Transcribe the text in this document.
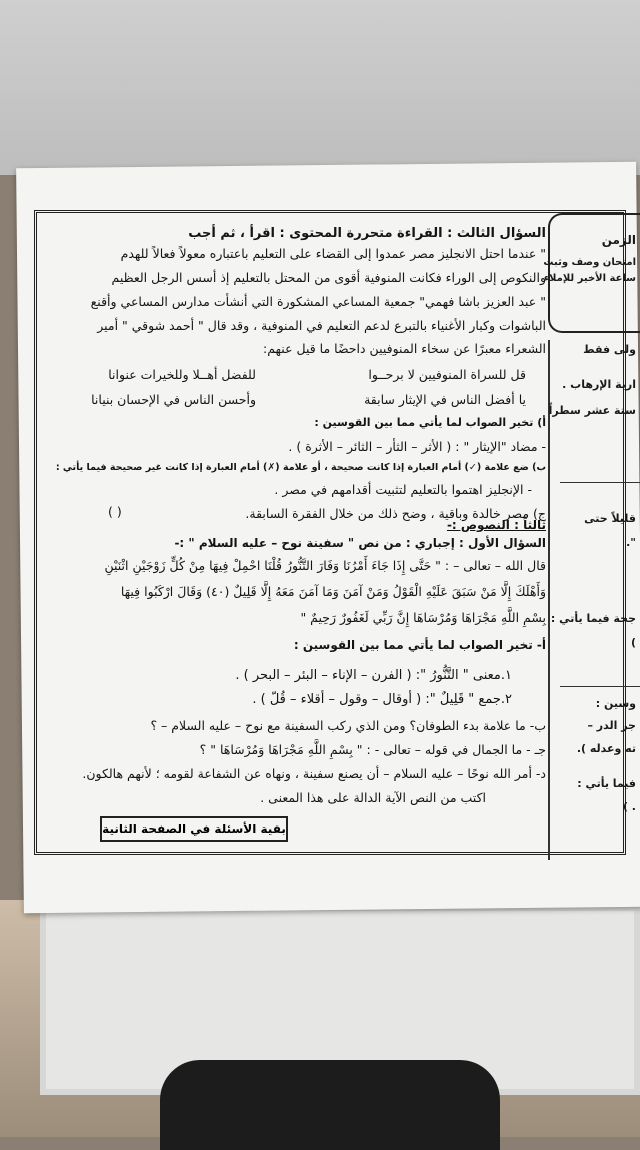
الزمن
امتحان وصف وثبت
ساعة الأخير للإملاء
ولى فقط
ارية الإرهاب .
ستة عشر سطراً
قليلاً حتى
".
جحة فيما يأتي :
)
وسين :
جر الدر –
ته وعدله ).
فيما يأتي :
. )
السؤال الثالث : القراءة متحررة المحتوى : اقرأ ، ثم أجب
" عندما احتل الانجليز مصر عمدوا إلى القضاء على التعليم باعتباره معولاً فعالاً للهدم
والنكوص إلى الوراء فكانت المنوفية أقوى من المحتل بالتعليم إذ أسس الرجل العظيم
" عبد العزيز باشا فهمي" جمعية المساعي المشكورة التي أنشأت مدارس المساعي وأقنع
الباشوات وكبار الأغنياء بالتبرع لدعم التعليم في المنوفية ، وقد قال " أحمد شوقي " أمير
الشعراء معبرًا عن سخاء المنوفيين داحضًا ما قيل عنهم:
قل للسراة المنوفيين لا برحــوا
للفضل أهــلا وللخيرات عنوانا
يا أفضل الناس في الإيثار سابقة
وأحسن الناس في الإحسان بنيانا
أ) تخير الصواب لما يأتي مما بين القوسين :
- مضاد "الإيثار " : ( الأثر – الثأر – الثائر – الأثرة ) .
ب) ضع علامة (✓) أمام العبارة إذا كانت صحيحة ، أو علامة (✗) أمام العبارة إذا كانت غير صحيحة فيما يأتي :
- الإنجليز اهتموا بالتعليم لتثبيت أقدامهم في مصر .
( )	ج) مصر خالدة وباقية ، وضح ذلك من خلال الفقرة السابقة.
ثالثاً : النصوص :-
السؤال الأول : إجباري : من نص " سفينة نوح – عليه السلام " :-
قال الله – تعالى – : " حَتَّى إِذَا جَاءَ أَمْرُنَا وَفَارَ التَّنُّورُ قُلْنَا احْمِلْ فِيهَا مِنْ كُلٍّ زَوْجَيْنِ اثْنَيْنِ
وَأَهْلَكَ إِلَّا مَنْ سَبَقَ عَلَيْهِ الْقَوْلُ وَمَنْ آمَنَ وَمَا آمَنَ مَعَهُ إِلَّا قَلِيلٌ (٤٠) وَقَالَ ارْكَبُوا فِيهَا
بِسْمِ اللَّهِ مَجْرَاهَا وَمُرْسَاهَا إِنَّ رَبِّي لَغَفُورٌ رَحِيمٌ "
أ- تخير الصواب لما يأتي مما بين القوسين :
١.معنى " التَّنُّورُ ": ( الفرن – الإناء – البئر – البحر ) .
٢.جمع " قَلِيلٌ ": ( أوقال – وقول – أقلاء – قُلّ ) .
ب- ما علامة بدء الطوفان؟ ومن الذي ركب السفينة مع نوح – عليه السلام – ؟
جـ - ما الجمال في قوله – تعالى - : " بِسْمِ اللَّهِ مَجْرَاهَا وَمُرْسَاهَا " ؟
د- أمر الله نوحًا – عليه السلام – أن يصنع سفينة ، ونهاه عن الشفاعة لقومه ؛ لأنهم هالكون.
اكتب من النص الآية الدالة على هذا المعنى .
بقية الأسئلة في الصفحة الثانية
